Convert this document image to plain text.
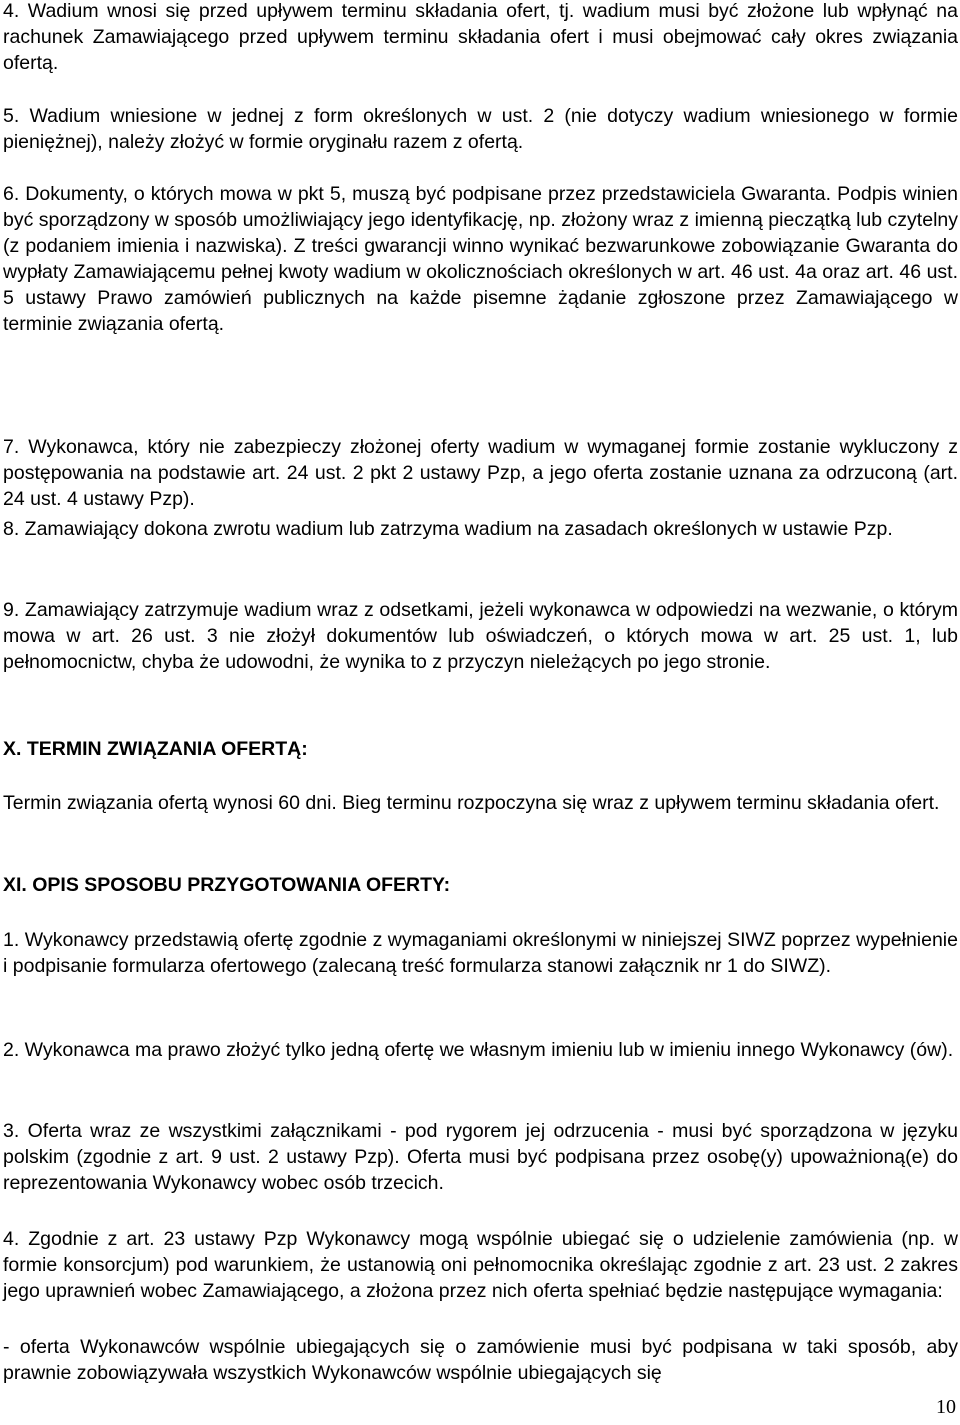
4. Wadium wnosi się przed upływem terminu składania ofert, tj. wadium musi być złożone lub wpłynąć na rachunek Zamawiającego przed upływem terminu składania ofert i musi obejmować cały okres związania ofertą.

5. Wadium wniesione w jednej z form określonych w ust. 2 (nie dotyczy wadium wniesionego w formie pieniężnej), należy złożyć w formie oryginału razem z ofertą.

6. Dokumenty, o których mowa w pkt 5, muszą być podpisane przez przedstawiciela Gwaranta. Podpis winien być sporządzony w sposób umożliwiający jego identyfikację, np. złożony wraz z imienną pieczątką lub czytelny (z podaniem imienia i nazwiska). Z treści gwarancji winno wynikać bezwarunkowe zobowiązanie Gwaranta do wypłaty Zamawiającemu pełnej kwoty wadium w okolicznościach określonych w art. 46 ust. 4a oraz art. 46 ust. 5 ustawy Prawo zamówień publicznych na każde pisemne żądanie zgłoszone przez Zamawiającego w terminie związania ofertą.

7. Wykonawca, który nie zabezpieczy złożonej oferty wadium w wymaganej formie zostanie wykluczony z postępowania na podstawie art. 24 ust. 2 pkt 2 ustawy Pzp, a jego oferta zostanie uznana za odrzuconą (art. 24 ust. 4 ustawy Pzp).

8. Zamawiający dokona zwrotu wadium lub zatrzyma wadium na zasadach określonych w ustawie Pzp.

9. Zamawiający zatrzymuje wadium wraz z odsetkami, jeżeli wykonawca w odpowiedzi na wezwanie, o którym mowa w art. 26 ust. 3 nie złożył dokumentów lub oświadczeń, o których mowa w art. 25 ust. 1, lub pełnomocnictw, chyba że udowodni, że wynika to z przyczyn nieleżących po jego stronie.

X. TERMIN ZWIĄZANIA OFERTĄ:

Termin związania ofertą wynosi 60 dni. Bieg terminu rozpoczyna się wraz z upływem terminu składania ofert.

XI. OPIS SPOSOBU PRZYGOTOWANIA OFERTY:

1. Wykonawcy przedstawią ofertę zgodnie z wymaganiami określonymi w niniejszej SIWZ poprzez wypełnienie i podpisanie formularza ofertowego (zalecaną treść formularza stanowi załącznik nr 1 do SIWZ).

2. Wykonawca ma prawo złożyć tylko jedną ofertę we własnym imieniu lub w imieniu innego Wykonawcy (ów).

3. Oferta wraz ze wszystkimi załącznikami - pod rygorem jej odrzucenia - musi być sporządzona w języku polskim (zgodnie z art. 9 ust. 2 ustawy Pzp). Oferta musi być podpisana przez osobę(y) upoważnioną(e) do reprezentowania Wykonawcy wobec osób trzecich.

4. Zgodnie z art. 23 ustawy Pzp Wykonawcy mogą wspólnie ubiegać się o udzielenie zamówienia (np. w formie konsorcjum) pod warunkiem, że ustanowią oni pełnomocnika określając zgodnie z art. 23 ust. 2 zakres jego uprawnień wobec Zamawiającego, a złożona przez nich oferta spełniać będzie następujące wymagania:

- oferta Wykonawców wspólnie ubiegających się o zamówienie musi być podpisana w taki sposób, aby prawnie zobowiązywała wszystkich Wykonawców wspólnie ubiegających się

10
